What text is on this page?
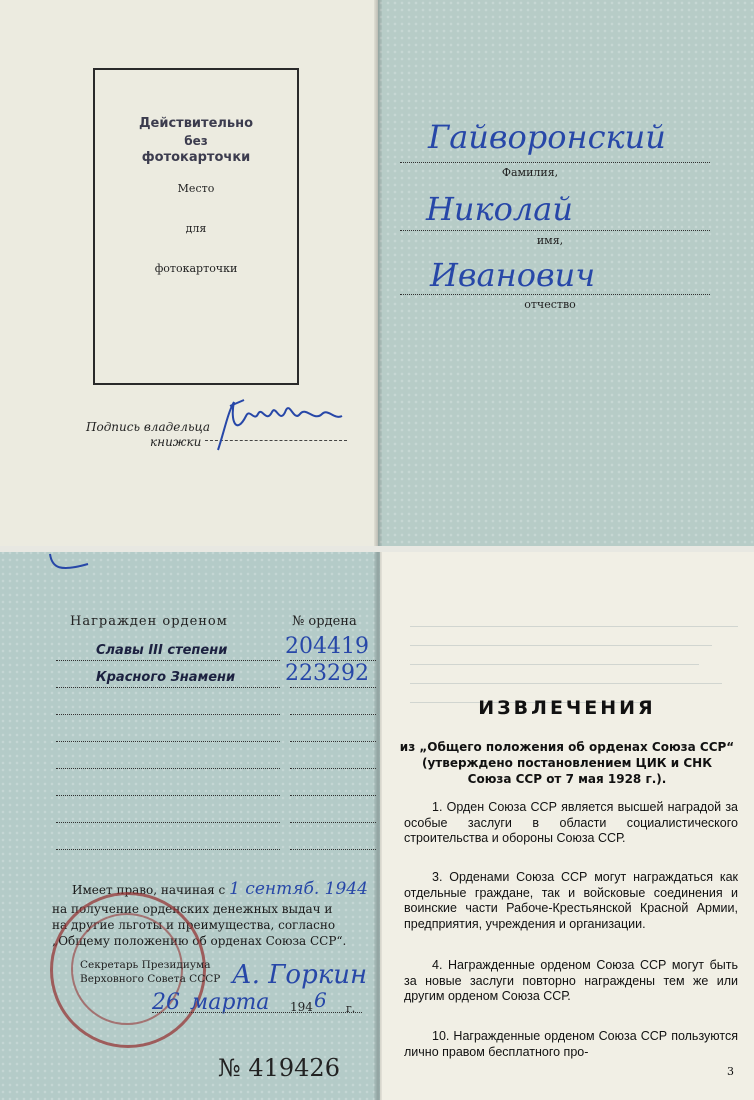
Действительно
без
фотокарточки
Место
для
фотокарточки
Подпись владельца
книжки
Гайворонский
Фамилия,
Николай
имя,
Иванович
отчество
Награжден орденом	№ ордена
Славы III степени	204419
Красного Знамени 223292
Имеет право, начиная с 1 сентяб. 1944
на получение орденских денежных выдач и
на другие льготы и преимущества, согласно
„Общему положению об орденах Союза ССР“.
Секретарь Президиума
Верховного Совета СССР А. Горкин
26 марта 194 6 г.
№ 419426
ИЗВЛЕЧЕНИЯ
из „Общего положения об орденах Союза ССР“
(утверждено постановлением ЦИК и СНК
Союза ССР от 7 мая 1928 г.).
1. Орден Союза ССР является высшей наградой за особые заслуги в области социалистического строительства и обороны Союза ССР.
3. Орденами Союза ССР могут награждаться как отдельные граждане, так и войсковые соединения и воинские части Рабоче-Крестьянской Красной Армии, предприятия, учреждения и организации.
4. Награжденные орденом Союза ССР могут быть за новые заслуги повторно награждены тем же или другим орденом Союза ССР.
10. Награжденные орденом Союза ССР пользуются лично правом бесплатного про-
3
